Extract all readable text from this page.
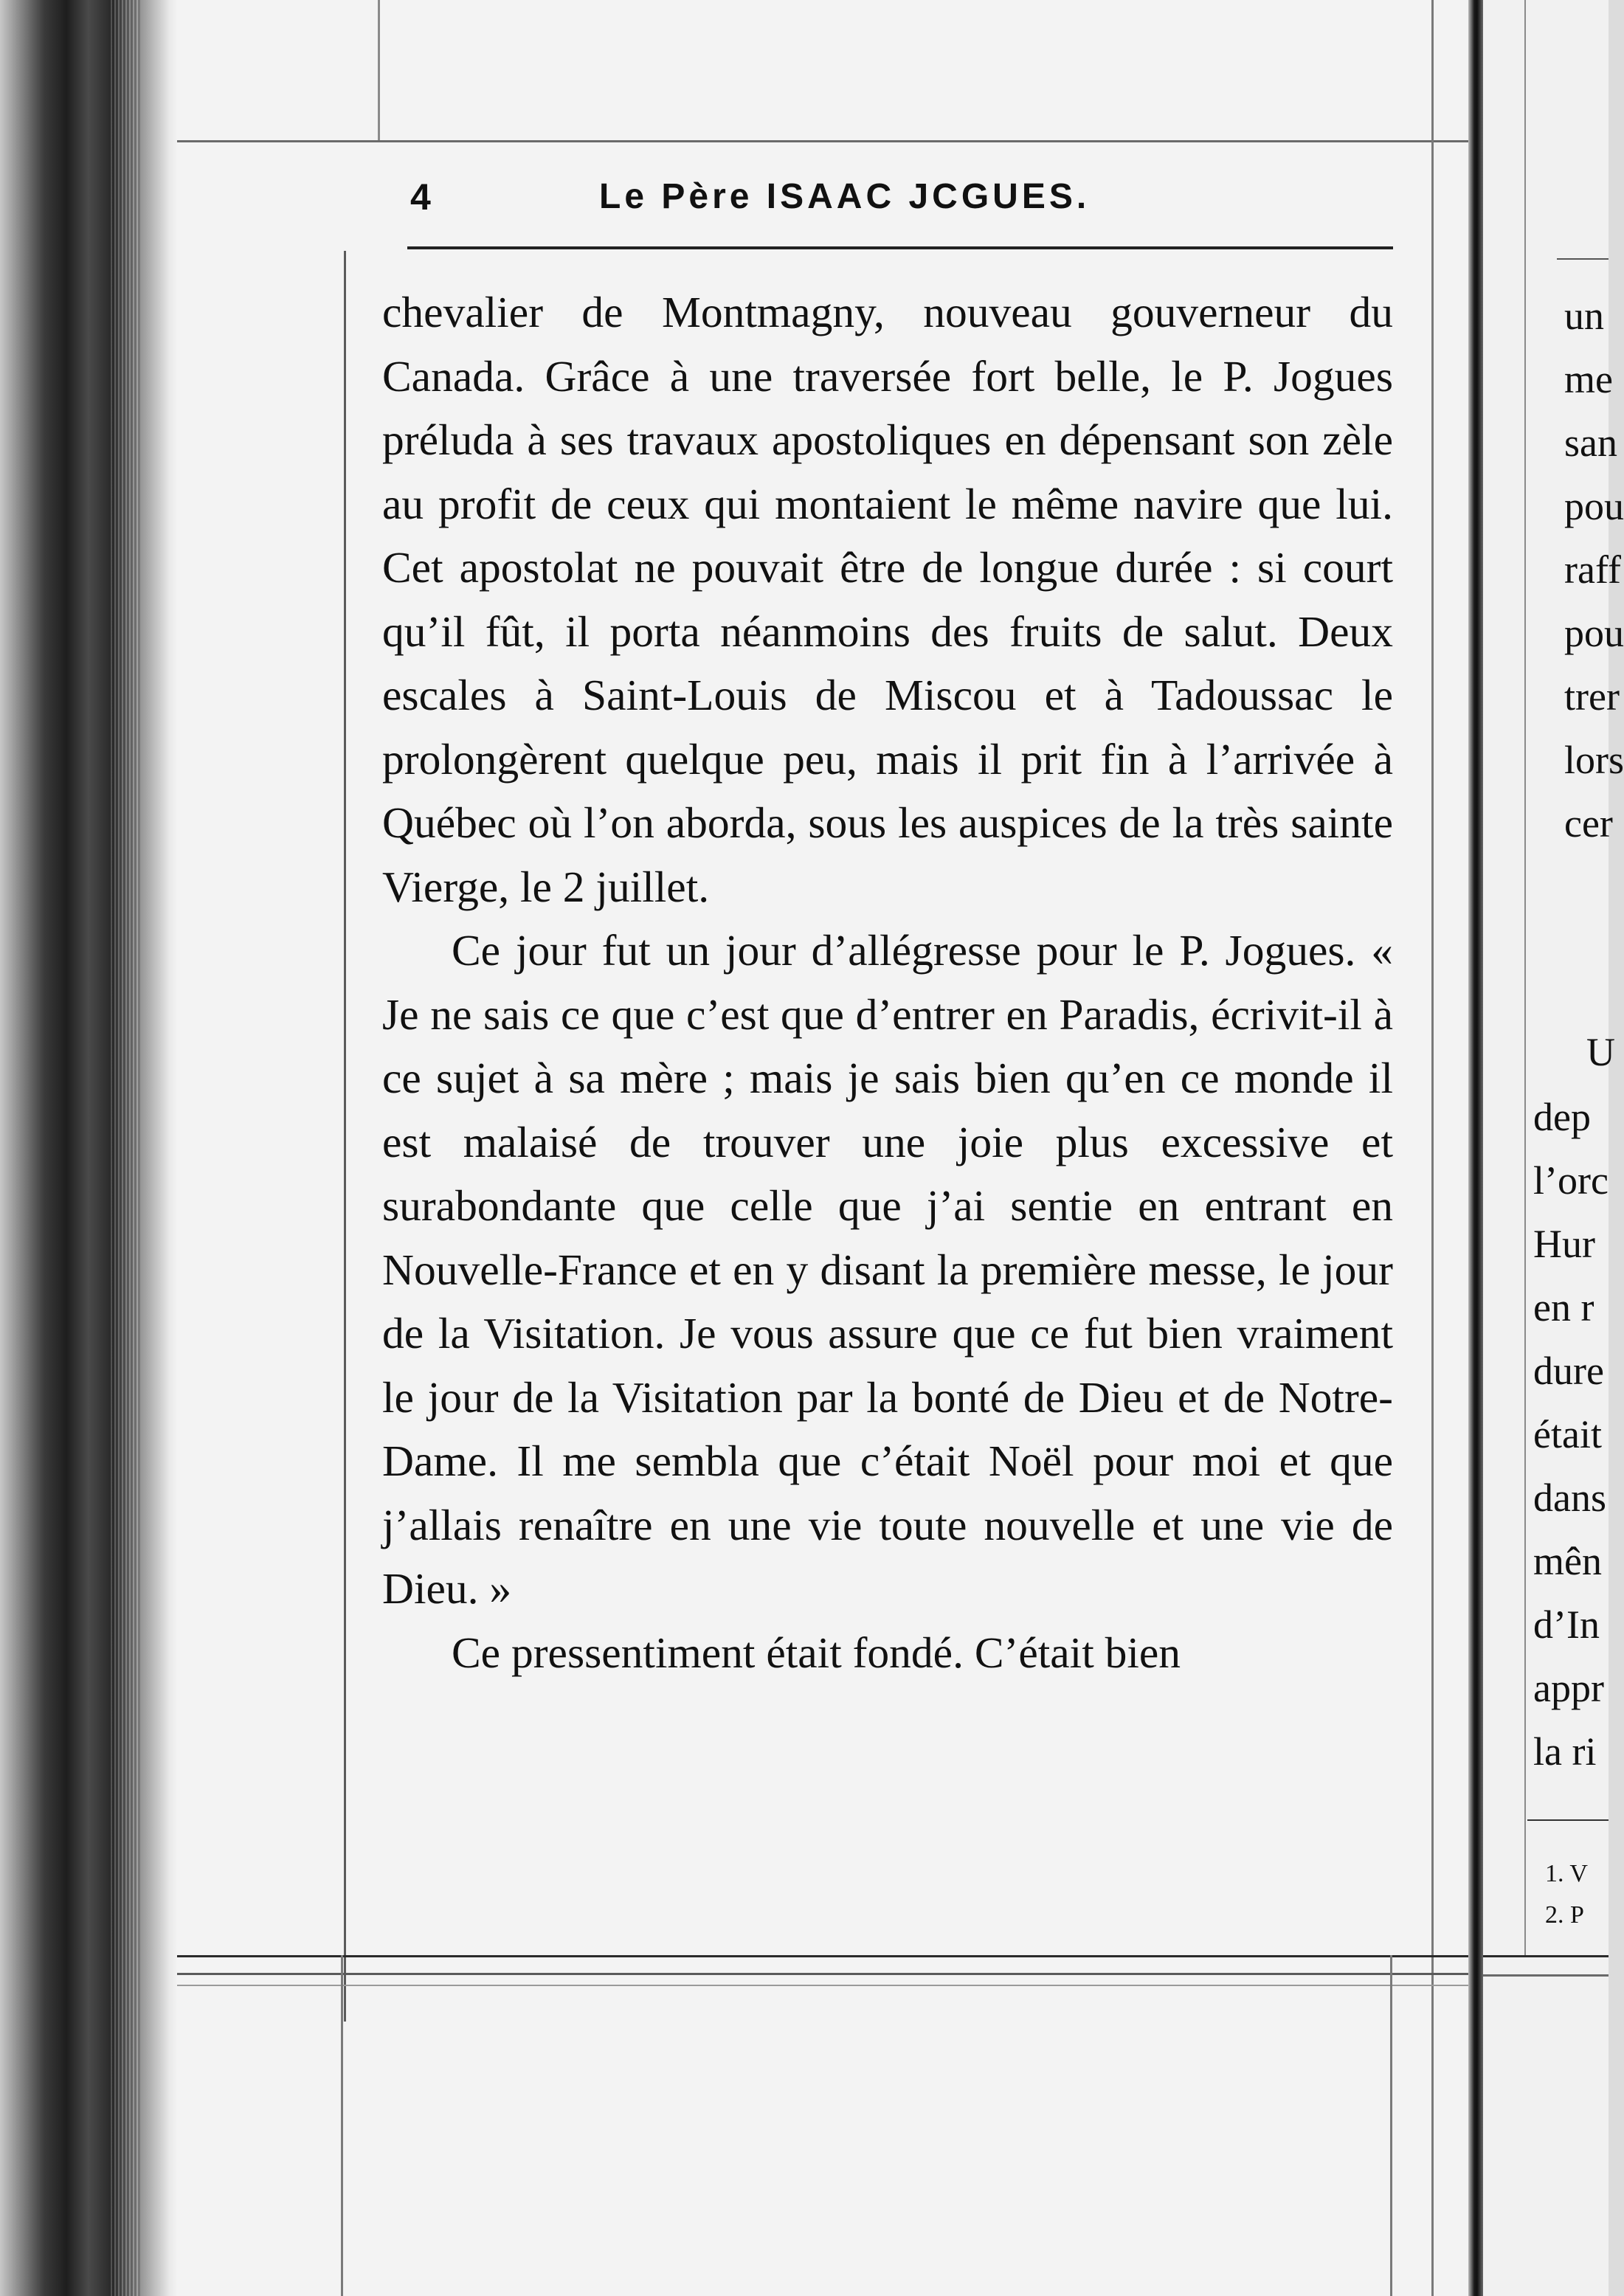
4	Le Père ISAAC JCGUES.

chevalier de Montmagny, nouveau gouverneur du Canada. Grâce à une traversée fort belle, le P. Jogues préluda à ses travaux apostoliques en dépensant son zèle au profit de ceux qui montaient le même navire que lui. Cet apostolat ne pouvait être de longue durée : si court qu’il fût, il porta néanmoins des fruits de salut. Deux escales à Saint-Louis de Miscou et à Tadoussac le prolongèrent quelque peu, mais il prit fin à l’arrivée à Québec où l’on aborda, sous les auspices de la très sainte Vierge, le 2 juillet.

Ce jour fut un jour d’allégresse pour le P. Jogues. « Je ne sais ce que c’est que d’entrer en Paradis, écrivit-il à ce sujet à sa mère ; mais je sais bien qu’en ce monde il est malaisé de trouver une joie plus excessive et surabondante que celle que j’ai sentie en entrant en Nouvelle-France et en y disant la première messe, le jour de la Visitation. Je vous assure que ce fut bien vraiment le jour de la Visitation par la bonté de Dieu et de Notre-Dame. Il me sembla que c’était Noël pour moi et que j’allais renaître en une vie toute nouvelle et une vie de Dieu. »

Ce pressentiment était fondé. C’était bien

un
me
san
pou
raff
pou
trer
lors
cer
U
dep
l’orc
Hur
en r
dure
était
dans
mên
d’In
appr
la ri
1. V
2. P
